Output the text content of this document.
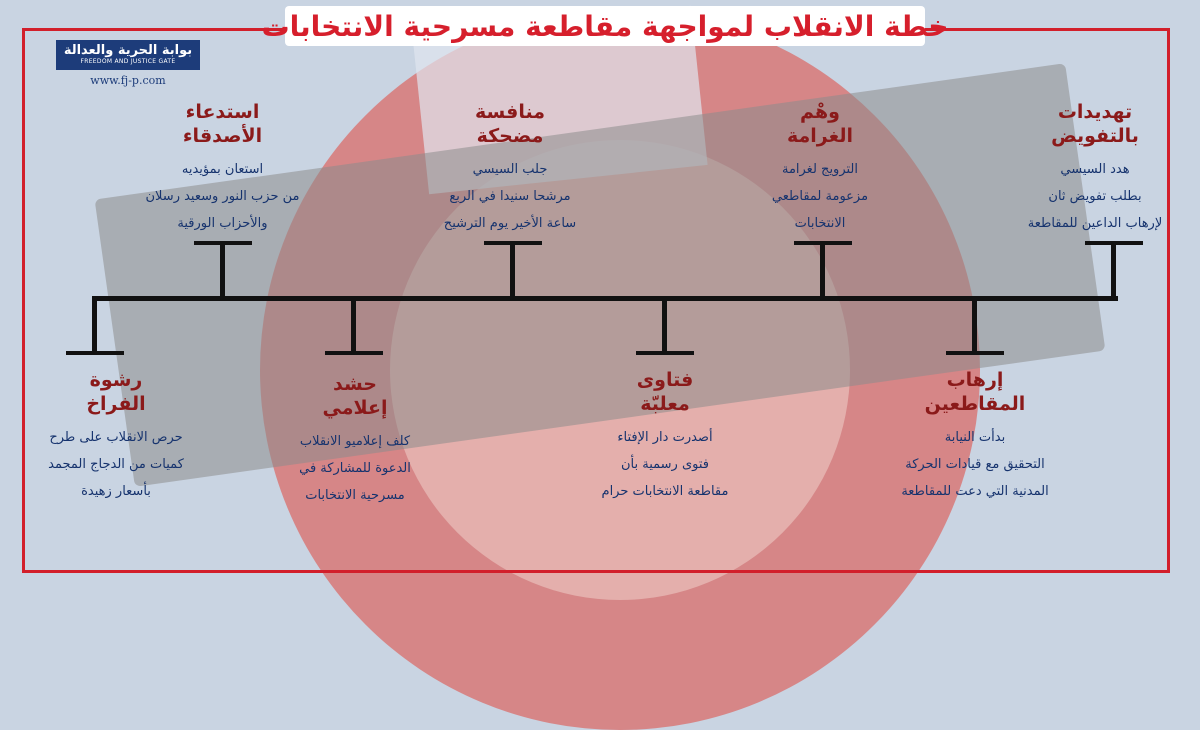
خطة الانقلاب لمواجهة مقاطعة مسرحية الانتخابات
بوابة الحرية والعدالة
FREEDOM AND JUSTICE GATE
www.fj-p.com
تهديدات
بالتفويض
هدد السيسي
بطلب تفويض ثان
لإرهاب الداعين للمقاطعة
وهْم
الغرامة
الترويج لغرامة
مزعومة لمقاطعي
الانتخابات
منافسة
مضحكة
جلب السيسي
مرشحا سنيدا في الربع
ساعة الأخير يوم الترشيح
استدعاء
الأصدقاء
استعان بمؤيديه
من حزب النور وسعيد رسلان
والأحزاب الورقية
إرهاب
المقاطعين
بدأت النيابة
التحقيق مع قيادات الحركة
المدنية التي دعت للمقاطعة
فتاوى
معلبّة
أصدرت دار الإفتاء
فتوى رسمية بأن
مقاطعة الانتخابات حرام
حشد
إعلامي
كلف إعلاميو الانقلاب
الدعوة للمشاركة في
مسرحية الانتخابات
رشوة
الفراخ
حرص الانقلاب على طرح
كميات من الدجاج المجمد
بأسعار زهيدة
